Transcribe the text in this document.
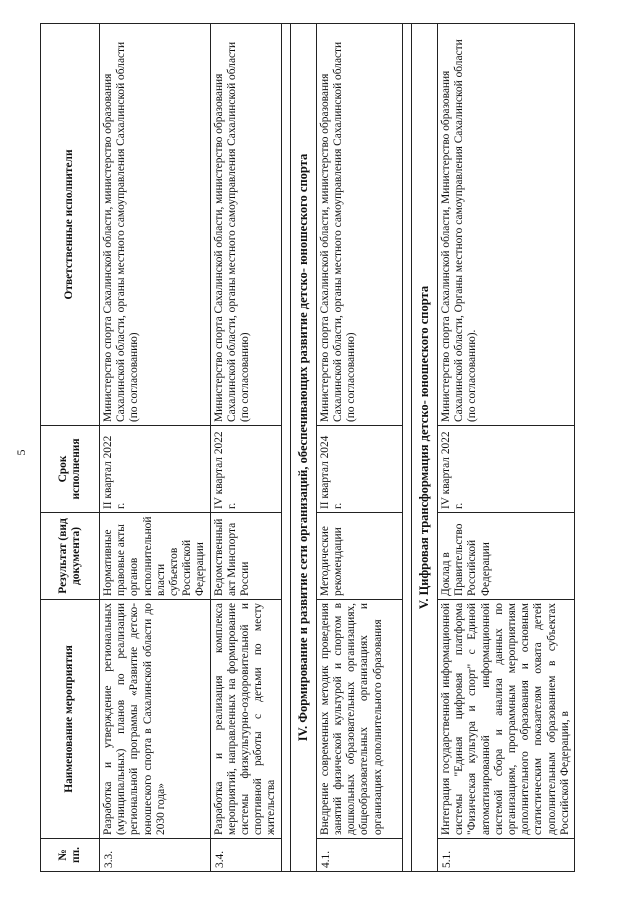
5
№ пп.	Наименование мероприятия	Результат (вид документа)	Срок исполнения	Ответственные исполнители
3.3.	Разработка и утверждение региональных (муниципальных) планов по реализации региональной программы «Развитие детско-юношеского спорта в Сахалинской области до 2030 года»	Нормативные правовые акты органов исполнительной власти субъектов Российской Федерации	II квартал 2022 г.	Министерство спорта Сахалинской области, министерство образования Сахалинской области, органы местного самоуправления Сахалинской области (по согласованию)
3.4.	Разработка и реализация комплекса мероприятий, направленных на формирование системы физкультурно-оздоровительной и спортивной работы с детьми по месту жительства	Ведомственный акт Минспорта России	IV квартал 2022 г.	Министерство спорта Сахалинской области, министерство образования Сахалинской области, органы местного самоуправления Сахалинской области (по согласованию)

IV. Формирование и развитие сети организаций, обеспечивающих развитие детско- юношеского спорта				
4.1.	Внедрение современных методик проведения занятий физической культурой и спортом в дошкольных образовательных организациях, общеобразовательных организациях и организациях дополнительного образования	Методические рекомендации	II квартал 2024 г.	Министерство спорта Сахалинской области, министерство образования Сахалинской области, органы местного самоуправления Сахалинской области (по согласованию)

V. Цифровая трансформация детско- юношеского спорта				
5.1.	Интеграция государственной информационной системы "Единая цифровая платформа "Физическая культура и спорт" с Единой автоматизированной информационной системой сбора и анализа данных по организациям, программным мероприятиям дополнительного образования и основным статистическим показателям охвата детей дополнительным образованием в субъектах Российской Федерации, в	Доклад в Правительство Российской Федерации	IV квартал 2022 г.	Министерство спорта Сахалинской области, Министерство образования Сахалинской области, Органы местного самоуправления Сахалинской области (по согласованию).
